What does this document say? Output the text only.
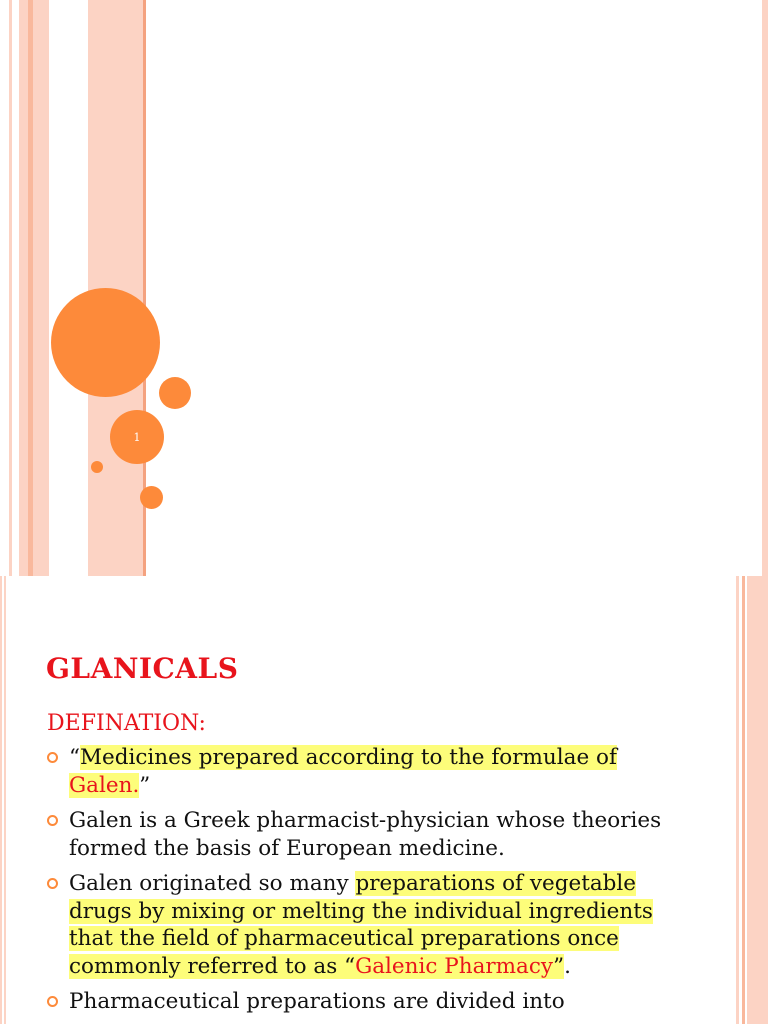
1
GLANICALS
DEFINATION:
“Medicines prepared according to the formulae of Galen.”
Galen is a Greek pharmacist-physician whose theories formed the basis of European medicine.
Galen originated so many preparations of vegetable drugs by mixing or melting the individual ingredients that the field of pharmaceutical preparations once commonly referred to as “Galenic Pharmacy”.
Pharmaceutical preparations are divided into
